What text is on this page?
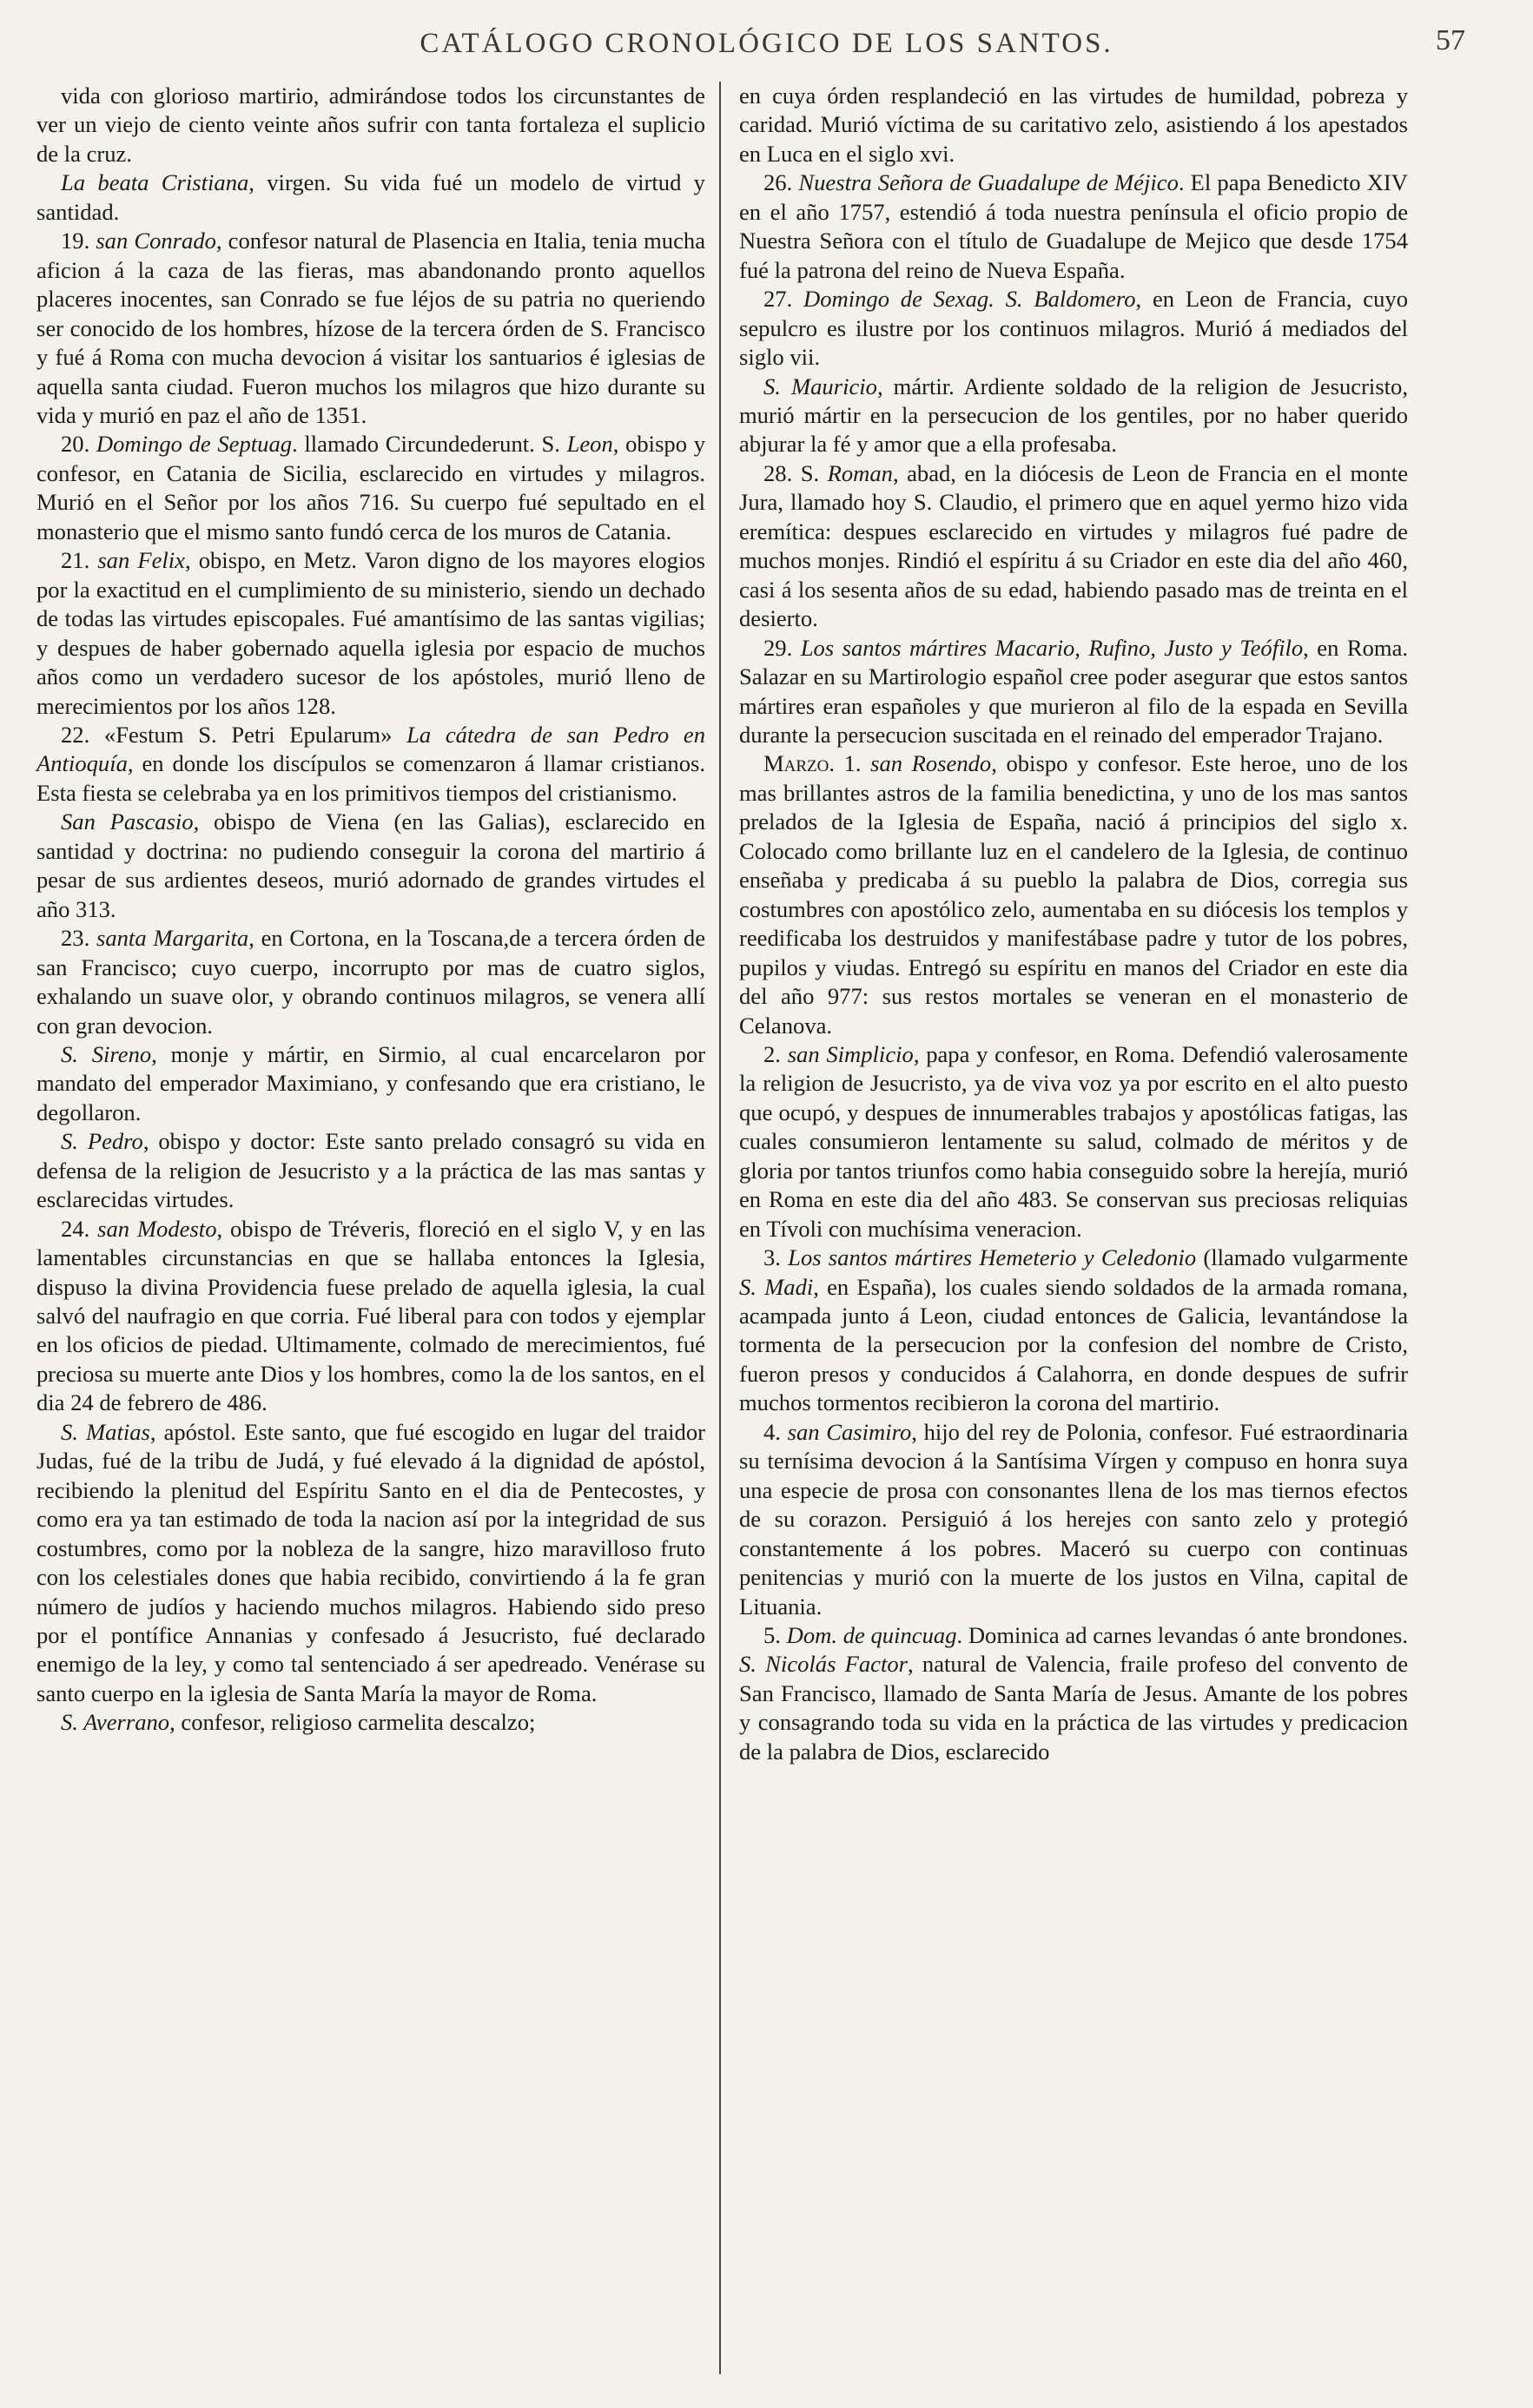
CATÁLOGO CRONOLÓGICO DE LOS SANTOS.	57

vida con glorioso martirio, admirándose todos los circunstantes de ver un viejo de ciento veinte años sufrir con tanta fortaleza el suplicio de la cruz.

La beata Cristiana, virgen. Su vida fué un modelo de virtud y santidad.

19. san Conrado, confesor natural de Plasencia en Italia, tenia mucha aficion á la caza de las fieras, mas abandonando pronto aquellos placeres inocentes, san Conrado se fue léjos de su patria no queriendo ser conocido de los hombres, hízose de la tercera órden de S. Francisco y fué á Roma con mucha devocion á visitar los santuarios é iglesias de aquella santa ciudad. Fueron muchos los milagros que hizo durante su vida y murió en paz el año de 1351.

20. Domingo de Septuag. llamado Circundederunt. S. Leon, obispo y confesor, en Catania de Sicilia, esclarecido en virtudes y milagros. Murió en el Señor por los años 716. Su cuerpo fué sepultado en el monasterio que el mismo santo fundó cerca de los muros de Catania.

21. san Felix, obispo, en Metz. Varon digno de los mayores elogios por la exactitud en el cumplimiento de su ministerio, siendo un dechado de todas las virtudes episcopales. Fué amantísimo de las santas vigilias; y despues de haber gobernado aquella iglesia por espacio de muchos años como un verdadero sucesor de los apóstoles, murió lleno de merecimientos por los años 128.

22. «Festum S. Petri Epularum» La cátedra de san Pedro en Antioquía, en donde los discípulos se comenzaron á llamar cristianos. Esta fiesta se celebraba ya en los primitivos tiempos del cristianismo.

San Pascasio, obispo de Viena (en las Galias), esclarecido en santidad y doctrina: no pudiendo conseguir la corona del martirio á pesar de sus ardientes deseos, murió adornado de grandes virtudes el año 313.

23. santa Margarita, en Cortona, en la Toscana,de a tercera órden de san Francisco; cuyo cuerpo, incorrupto por mas de cuatro siglos, exhalando un suave olor, y obrando continuos milagros, se venera allí con gran devocion.

S. Sireno, monje y mártir, en Sirmio, al cual encarcelaron por mandato del emperador Maximiano, y confesando que era cristiano, le degollaron.

S. Pedro, obispo y doctor: Este santo prelado consagró su vida en defensa de la religion de Jesucristo y a la práctica de las mas santas y esclarecidas virtudes.

24. san Modesto, obispo de Tréveris, floreció en el siglo V, y en las lamentables circunstancias en que se hallaba entonces la Iglesia, dispuso la divina Providencia fuese prelado de aquella iglesia, la cual salvó del naufragio en que corria. Fué liberal para con todos y ejemplar en los oficios de piedad. Ultimamente, colmado de merecimientos, fué preciosa su muerte ante Dios y los hombres, como la de los santos, en el dia 24 de febrero de 486.

S. Matias, apóstol. Este santo, que fué escogido en lugar del traidor Judas, fué de la tribu de Judá, y fué elevado á la dignidad de apóstol, recibiendo la plenitud del Espíritu Santo en el dia de Pentecostes, y como era ya tan estimado de toda la nacion así por la integridad de sus costumbres, como por la nobleza de la sangre, hizo maravilloso fruto con los celestiales dones que habia recibido, convirtiendo á la fe gran número de judíos y haciendo muchos milagros. Habiendo sido preso por el pontífice Annanias y confesado á Jesucristo, fué declarado enemigo de la ley, y como tal sentenciado á ser apedreado. Venérase su santo cuerpo en la iglesia de Santa María la mayor de Roma.

S. Averrano, confesor, religioso carmelita descalzo;

en cuya órden resplandeció en las virtudes de humildad, pobreza y caridad. Murió víctima de su caritativo zelo, asistiendo á los apestados en Luca en el siglo xvi.

26. Nuestra Señora de Guadalupe de Méjico. El papa Benedicto XIV en el año 1757, estendió á toda nuestra península el oficio propio de Nuestra Señora con el título de Guadalupe de Mejico que desde 1754 fué la patrona del reino de Nueva España.

27. Domingo de Sexag. S. Baldomero, en Leon de Francia, cuyo sepulcro es ilustre por los continuos milagros. Murió á mediados del siglo vii.

S. Mauricio, mártir. Ardiente soldado de la religion de Jesucristo, murió mártir en la persecucion de los gentiles, por no haber querido abjurar la fé y amor que a ella profesaba.

28. S. Roman, abad, en la diócesis de Leon de Francia en el monte Jura, llamado hoy S. Claudio, el primero que en aquel yermo hizo vida eremítica: despues esclarecido en virtudes y milagros fué padre de muchos monjes. Rindió el espíritu á su Criador en este dia del año 460, casi á los sesenta años de su edad, habiendo pasado mas de treinta en el desierto.

29. Los santos mártires Macario, Rufino, Justo y Teófilo, en Roma. Salazar en su Martirologio español cree poder asegurar que estos santos mártires eran españoles y que murieron al filo de la espada en Sevilla durante la persecucion suscitada en el reinado del emperador Trajano.

Marzo. 1. san Rosendo, obispo y confesor. Este heroe, uno de los mas brillantes astros de la familia benedictina, y uno de los mas santos prelados de la Iglesia de España, nació á principios del siglo x. Colocado como brillante luz en el candelero de la Iglesia, de continuo enseñaba y predicaba á su pueblo la palabra de Dios, corregia sus costumbres con apostólico zelo, aumentaba en su diócesis los templos y reedificaba los destruidos y manifestábase padre y tutor de los pobres, pupilos y viudas. Entregó su espíritu en manos del Criador en este dia del año 977: sus restos mortales se veneran en el monasterio de Celanova.

2. san Simplicio, papa y confesor, en Roma. Defendió valerosamente la religion de Jesucristo, ya de viva voz ya por escrito en el alto puesto que ocupó, y despues de innumerables trabajos y apostólicas fatigas, las cuales consumieron lentamente su salud, colmado de méritos y de gloria por tantos triunfos como habia conseguido sobre la herejía, murió en Roma en este dia del año 483. Se conservan sus preciosas reliquias en Tívoli con muchísima veneracion.

3. Los santos mártires Hemeterio y Celedonio (llamado vulgarmente S. Madi, en España), los cuales siendo soldados de la armada romana, acampada junto á Leon, ciudad entonces de Galicia, levantándose la tormenta de la persecucion por la confesion del nombre de Cristo, fueron presos y conducidos á Calahorra, en donde despues de sufrir muchos tormentos recibieron la corona del martirio.

4. san Casimiro, hijo del rey de Polonia, confesor. Fué estraordinaria su ternísima devocion á la Santísima Vírgen y compuso en honra suya una especie de prosa con consonantes llena de los mas tiernos efectos de su corazon. Persiguió á los herejes con santo zelo y protegió constantemente á los pobres. Maceró su cuerpo con continuas penitencias y murió con la muerte de los justos en Vilna, capital de Lituania.

5. Dom. de quincuag. Dominica ad carnes levandas ó ante brondones. S. Nicolás Factor, natural de Valencia, fraile profeso del convento de San Francisco, llamado de Santa María de Jesus. Amante de los pobres y consagrando toda su vida en la práctica de las virtudes y predicacion de la palabra de Dios, esclarecido
